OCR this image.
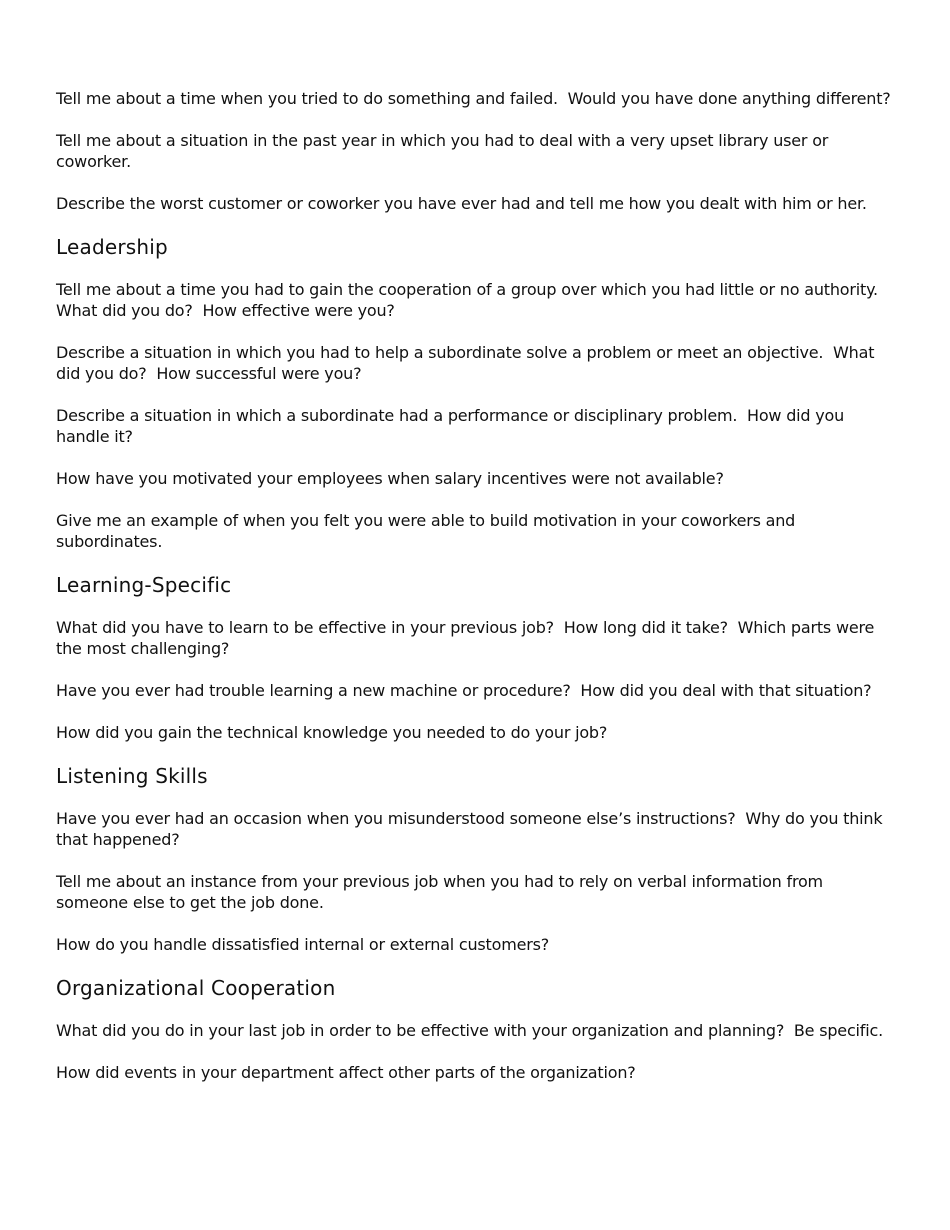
Tell me about a time when you tried to do something and failed.  Would you have done anything different?

Tell me about a situation in the past year in which you had to deal with a very upset library user or coworker.

Describe the worst customer or coworker you have ever had and tell me how you dealt with him or her.

Leadership

Tell me about a time you had to gain the cooperation of a group over which you had little or no authority.  What did you do?  How effective were you?

Describe a situation in which you had to help a subordinate solve a problem or meet an objective.  What did you do?  How successful were you?

Describe a situation in which a subordinate had a performance or disciplinary problem.  How did you handle it?

How have you motivated your employees when salary incentives were not available?

Give me an example of when you felt you were able to build motivation in your coworkers and subordinates.

Learning-Specific

What did you have to learn to be effective in your previous job?  How long did it take?  Which parts were the most challenging?

Have you ever had trouble learning a new machine or procedure?  How did you deal with that situation?

How did you gain the technical knowledge you needed to do your job?

Listening Skills

Have you ever had an occasion when you misunderstood someone else’s instructions?  Why do you think that happened?

Tell me about an instance from your previous job when you had to rely on verbal information from someone else to get the job done.

How do you handle dissatisfied internal or external customers?

Organizational Cooperation

What did you do in your last job in order to be effective with your organization and planning?  Be specific.

How did events in your department affect other parts of the organization?
